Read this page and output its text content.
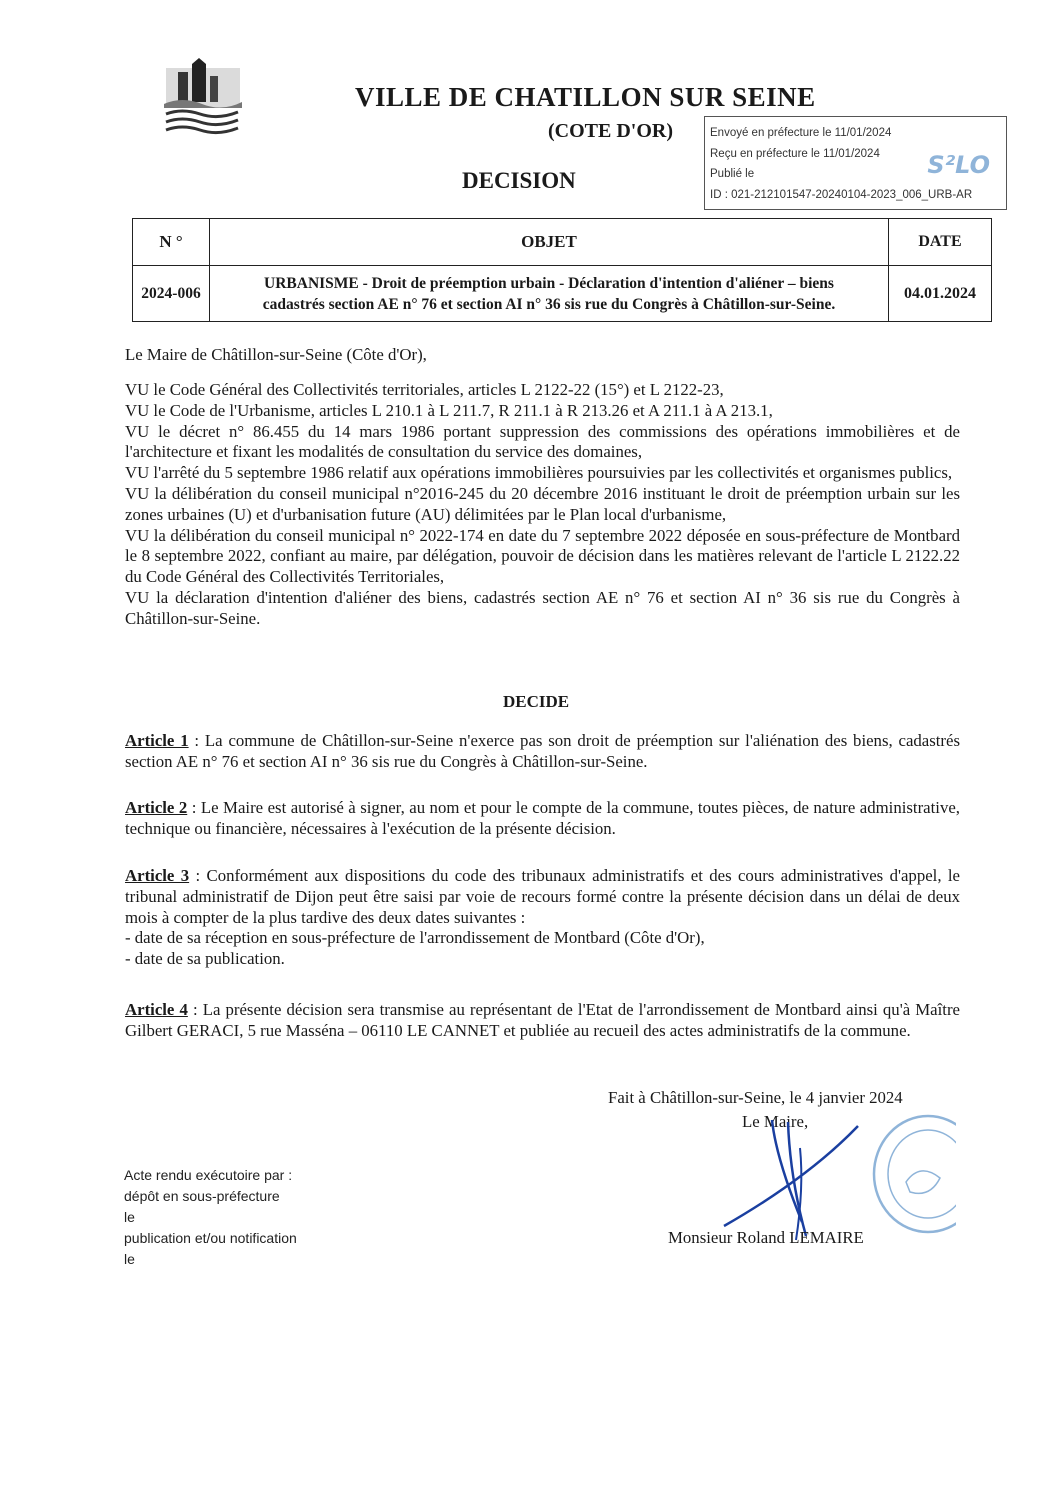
VILLE DE CHATILLON SUR SEINE
(COTE D'OR)
DECISION
Envoyé en préfecture le 11/01/2024
Reçu en préfecture le 11/01/2024
Publié le
ID : 021-212101547-20240104-2023_006_URB-AR
S²LO
N °	OBJET	DATE
2024-006	URBANISME - Droit de préemption urbain - Déclaration d'intention d'aliéner – biens
cadastrés section AE n° 76 et section AI n° 36 sis rue du Congrès à Châtillon-sur-Seine.	04.01.2024

Le Maire de Châtillon-sur-Seine (Côte d'Or),

VU le Code Général des Collectivités territoriales, articles L 2122-22 (15°) et L 2122-23,

VU le Code de l'Urbanisme, articles L 210.1 à L 211.7, R 211.1 à R 213.26 et A 211.1 à A 213.1,

VU le décret n° 86.455 du 14 mars 1986 portant suppression des commissions des opérations immobilières et de l'architecture et fixant les modalités de consultation du service des domaines,

VU l'arrêté du 5 septembre 1986 relatif aux opérations immobilières poursuivies par les collectivités et organismes publics,

VU la délibération du conseil municipal n°2016-245 du 20 décembre 2016 instituant le droit de préemption urbain sur les zones urbaines (U) et d'urbanisation future (AU) délimitées par le Plan local d'urbanisme,

VU la délibération du conseil municipal n° 2022-174 en date du 7 septembre 2022 déposée en sous-préfecture de Montbard le 8 septembre 2022, confiant au maire, par délégation, pouvoir de décision dans les matières relevant de l'article L 2122.22 du Code Général des Collectivités Territoriales,

VU la déclaration d'intention d'aliéner des biens, cadastrés section AE n° 76 et section AI n° 36 sis rue du Congrès à Châtillon-sur-Seine.

DECIDE

Article 1 : La commune de Châtillon-sur-Seine n'exerce pas son droit de préemption sur l'aliénation des biens, cadastrés section AE n° 76 et section AI n° 36 sis rue du Congrès à Châtillon-sur-Seine.

Article 2 : Le Maire est autorisé à signer, au nom et pour le compte de la commune, toutes pièces, de nature administrative, technique ou financière, nécessaires à l'exécution de la présente décision.

Article 3 : Conformément aux dispositions du code des tribunaux administratifs et des cours administratives d'appel, le tribunal administratif de Dijon peut être saisi par voie de recours formé contre la présente décision dans un délai de deux mois à compter de la plus tardive des deux dates suivantes :

- date de sa réception en sous-préfecture de l'arrondissement de Montbard (Côte d'Or),

- date de sa publication.

Article 4 : La présente décision sera transmise au représentant de l'Etat de l'arrondissement de Montbard ainsi qu'à Maître Gilbert GERACI, 5 rue Masséna – 06110 LE CANNET et publiée au recueil des actes administratifs de la commune.

Fait à Châtillon-sur-Seine, le 4 janvier 2024
Le Maire,
Monsieur Roland LEMAIRE
Acte rendu exécutoire par :
dépôt en sous-préfecture
le
publication et/ou notification
le
